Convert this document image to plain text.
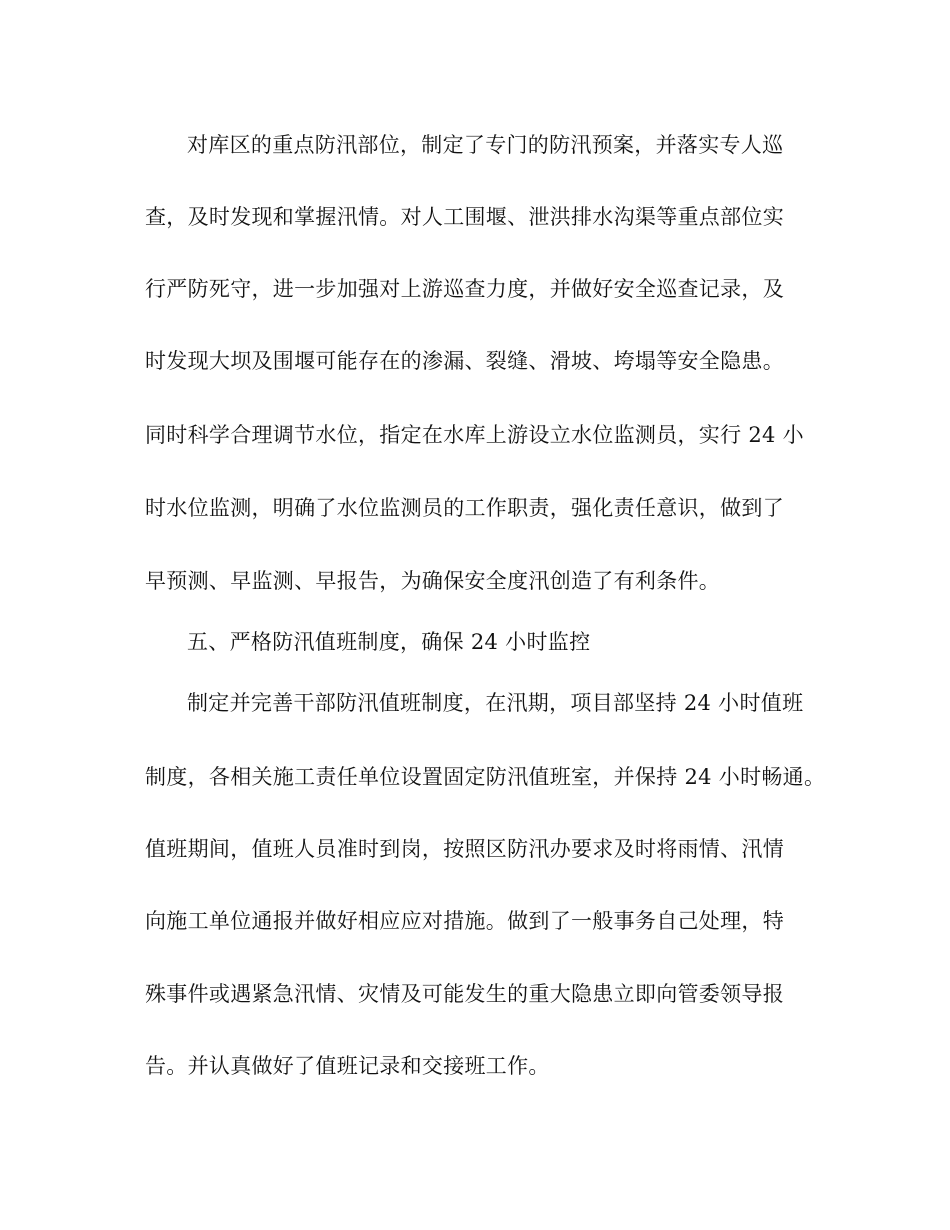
对库区的重点防汛部位，制定了专门的防汛预案，并落实专人巡
查，及时发现和掌握汛情。对人工围堰、泄洪排水沟渠等重点部位实
行严防死守，进一步加强对上游巡查力度，并做好安全巡查记录，及
时发现大坝及围堰可能存在的渗漏、裂缝、滑坡、垮塌等安全隐患。
同时科学合理调节水位，指定在水库上游设立水位监测员，实行 24 小
时水位监测，明确了水位监测员的工作职责，强化责任意识，做到了
早预测、早监测、早报告，为确保安全度汛创造了有利条件。
五、严格防汛值班制度，确保 24 小时监控
制定并完善干部防汛值班制度，在汛期，项目部坚持 24 小时值班
制度，各相关施工责任单位设置固定防汛值班室，并保持 24 小时畅通。
值班期间，值班人员准时到岗，按照区防汛办要求及时将雨情、汛情
向施工单位通报并做好相应应对措施。做到了一般事务自己处理，特
殊事件或遇紧急汛情、灾情及可能发生的重大隐患立即向管委领导报
告。并认真做好了值班记录和交接班工作。
